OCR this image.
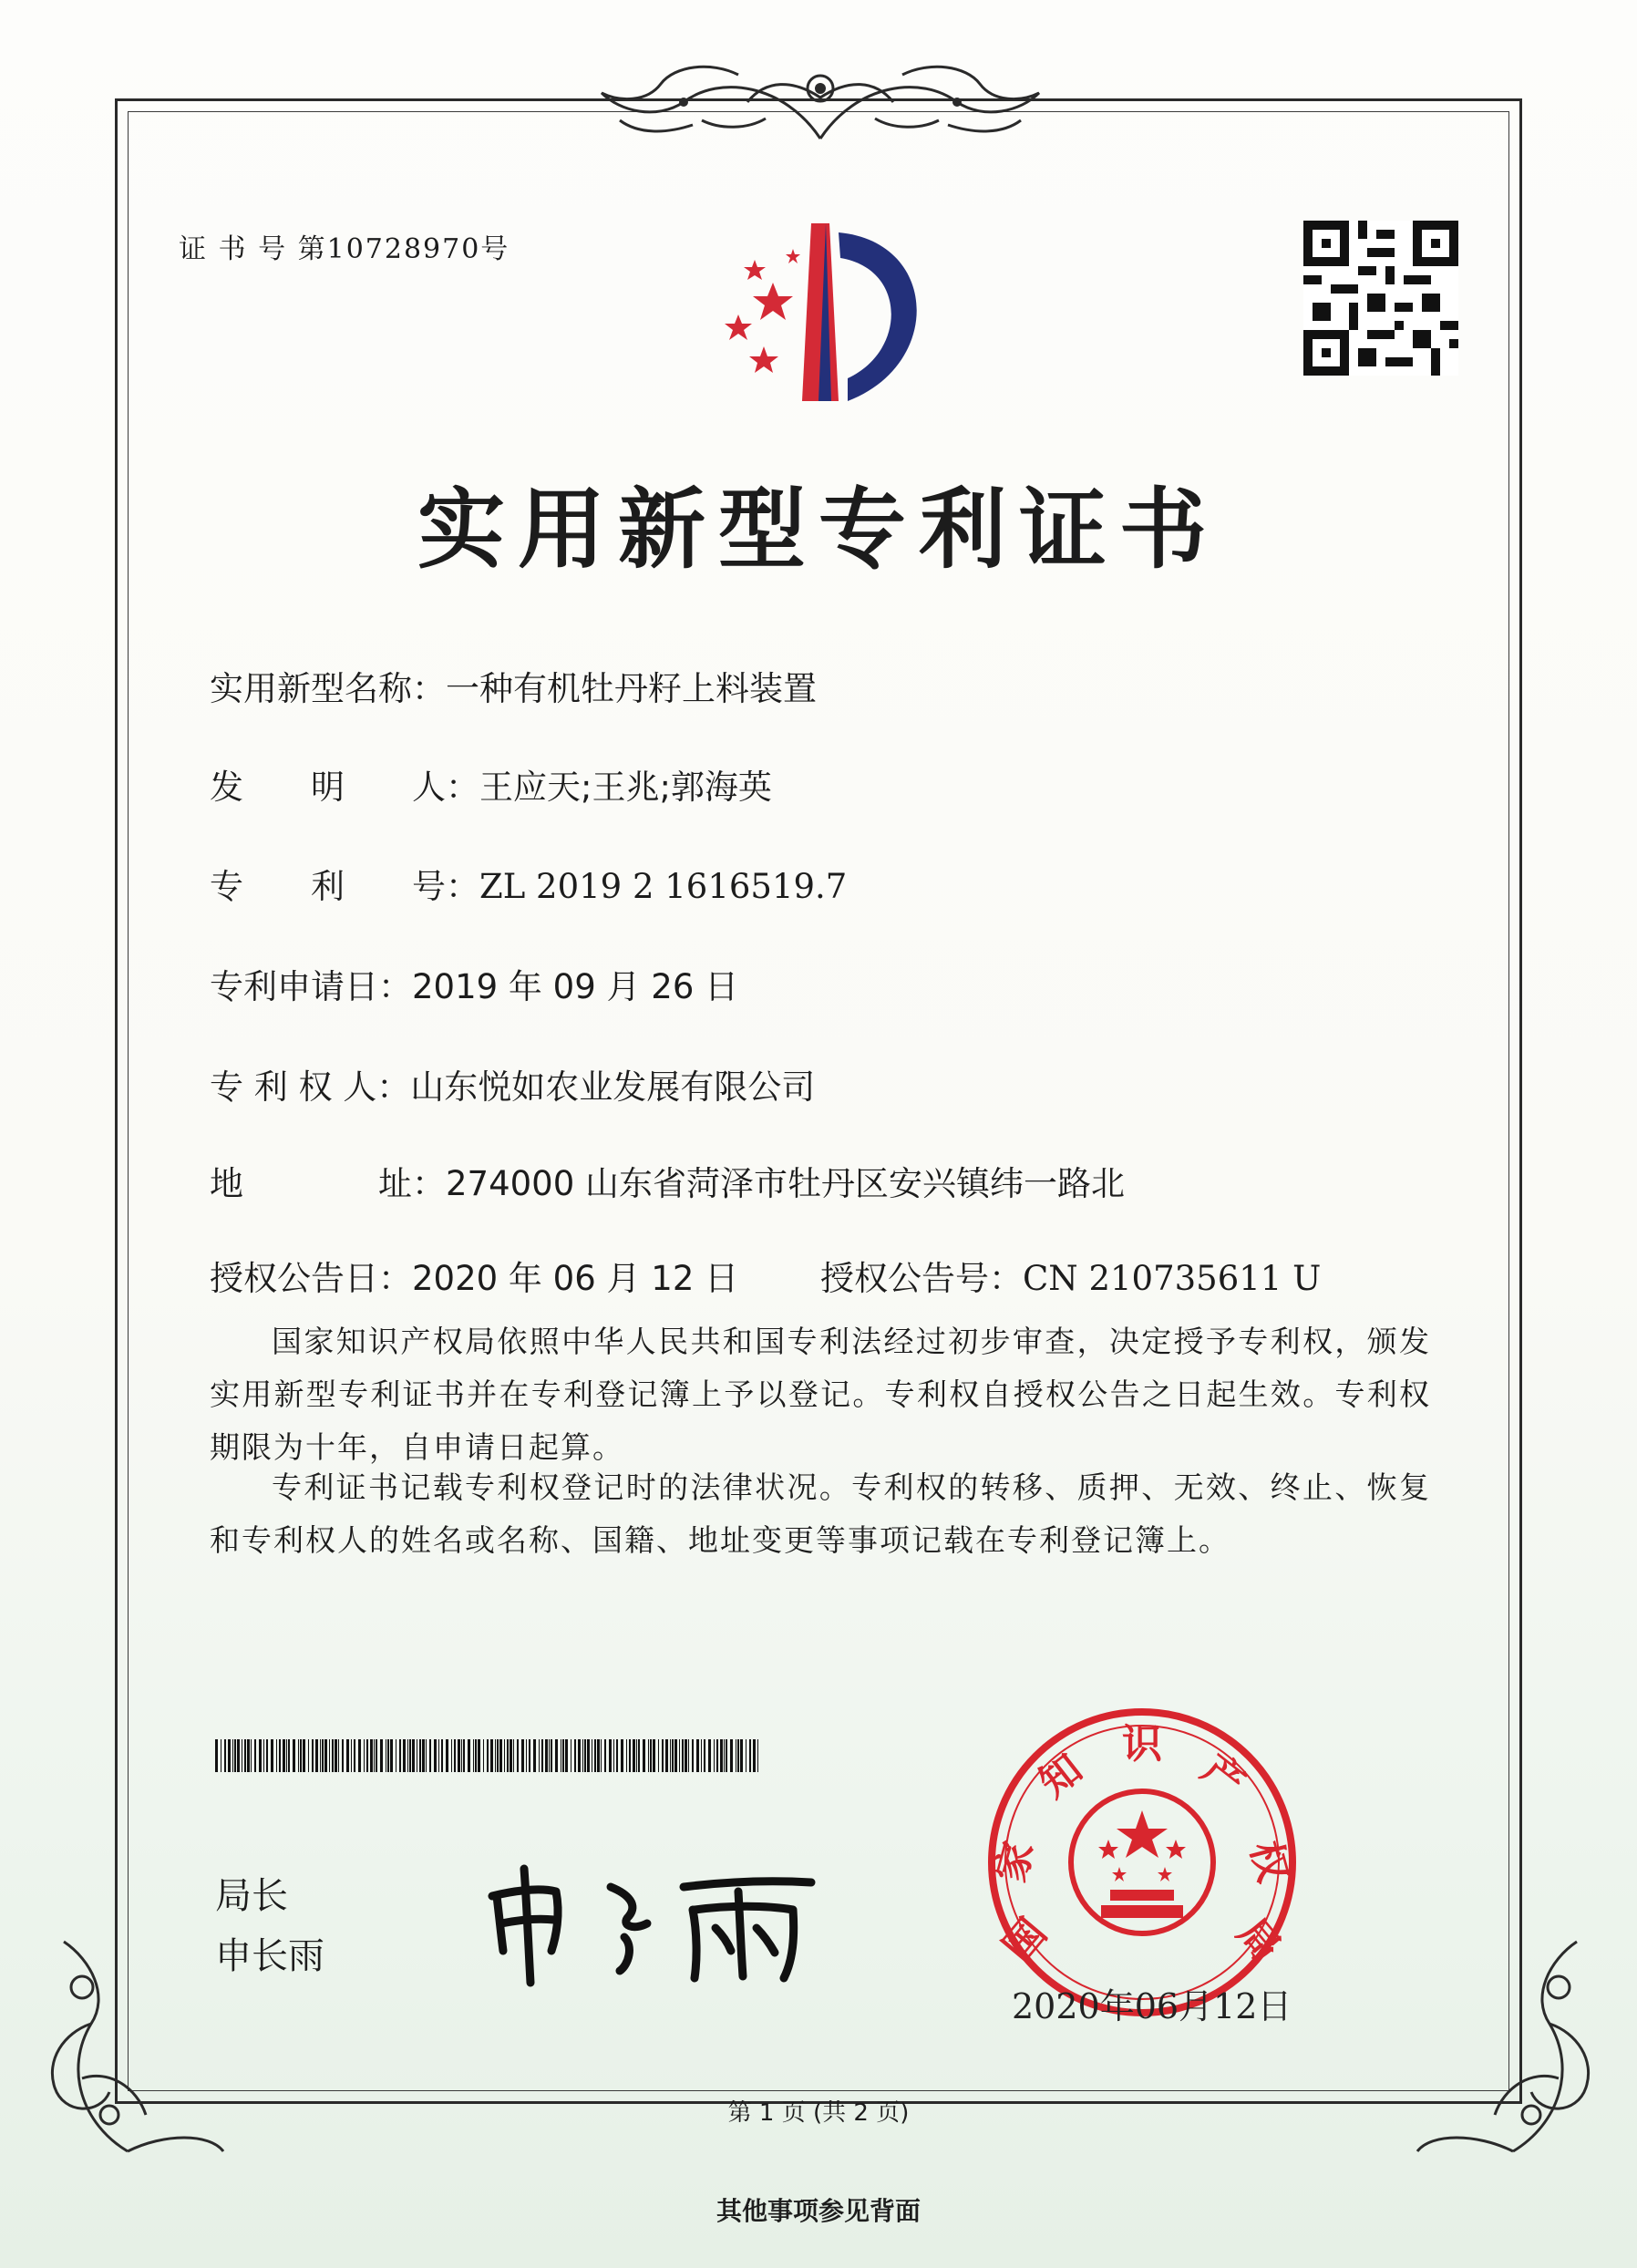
证 书 号 第10728970号
实用新型专利证书
实用新型名称：一种有机牡丹籽上料装置
发　　明　　人：王应天;王兆;郭海英
专　　利　　号：ZL 2019 2 1616519.7
专利申请日：2019 年 09 月 26 日
专 利 权 人：山东悦如农业发展有限公司
地　　　　址：274000 山东省菏泽市牡丹区安兴镇纬一路北
授权公告日：2020 年 06 月 12 日 授权公告号：CN 210735611 U
国家知识产权局依照中华人民共和国专利法经过初步审查，决定授予专利权，颁发实用新型专利证书并在专利登记簿上予以登记。专利权自授权公告之日起生效。专利权期限为十年，自申请日起算。
专利证书记载专利权登记时的法律状况。专利权的转移、质押、无效、终止、恢复和专利权人的姓名或名称、国籍、地址变更等事项记载在专利登记簿上。
局长
申长雨	国
家
知
识
产
权
局
2020年06月12日
第 1 页 (共 2 页)
其他事项参见背面
